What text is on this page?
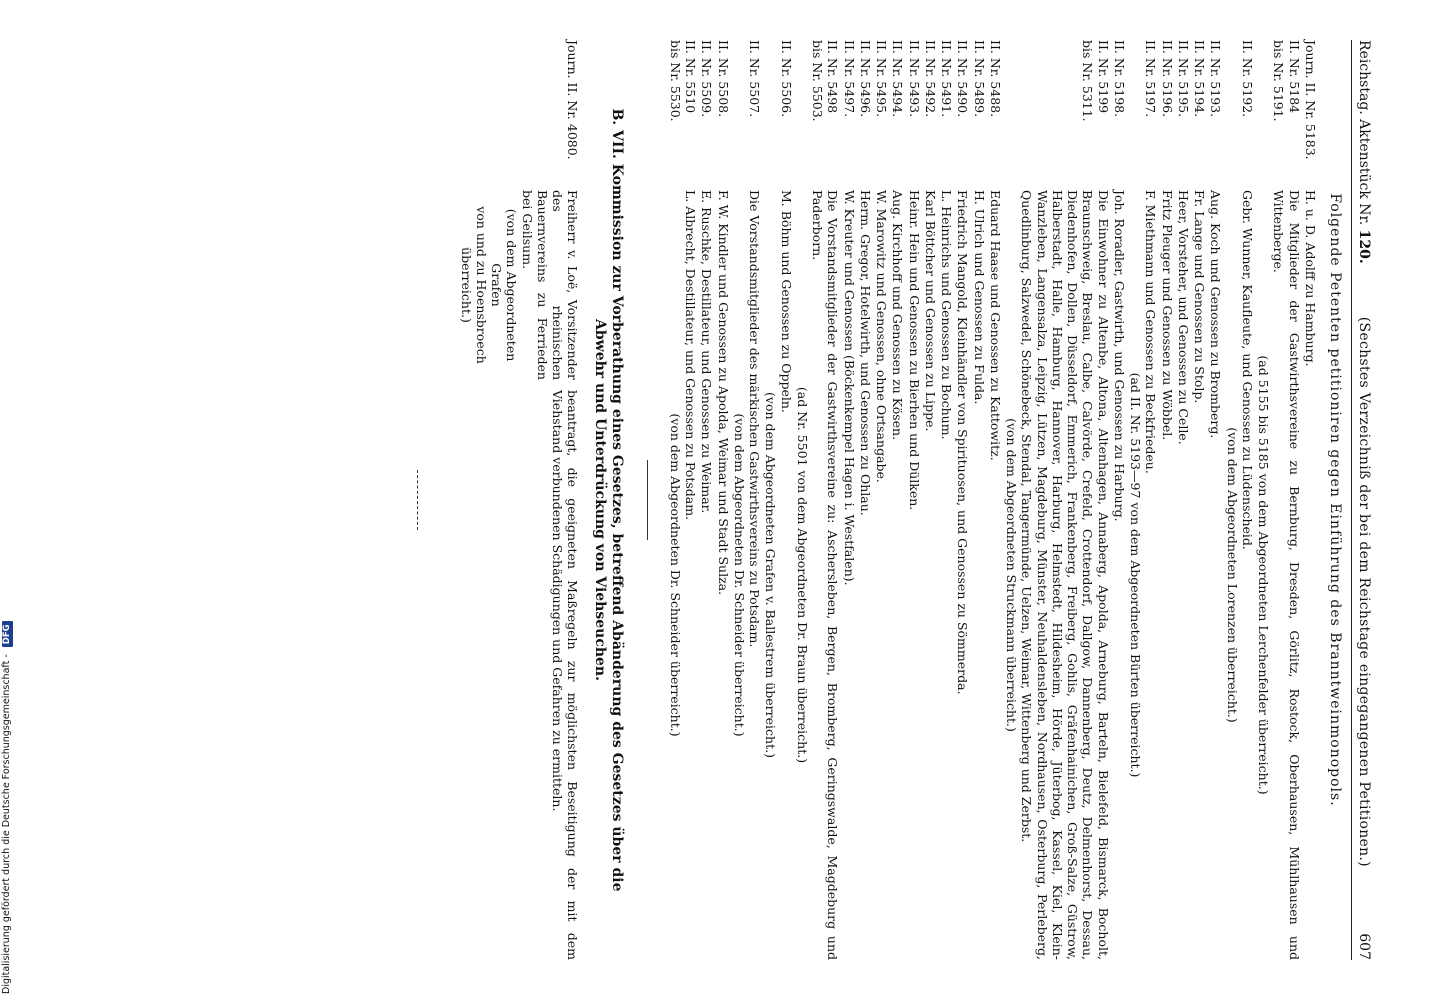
Digitalisierung gefördert durch die Deutsche Forschungsgemeinschaft - DFG
Reichstag. Aktenstück Nr. 120.
(Sechstes Verzeichniß der bei dem Reichstage eingegangenen Petitionen.)
607
Folgende Petenten petitioniren gegen Einführung des Branntweinmonopols.
Journ. II. Nr. 5183.
H. u. D. Adolff zu Hamburg.
II. Nr. 5184
bis Nr. 5191.
Die Mitglieder der Gastwirthsvereine zu Bernburg, Dresden, Görlitz, Rostock, Oberhausen, Mühlhausen und Wittenberge.
(ad 5155 bis 5185 von dem Abgeordneten Lerchenfelder überreicht.)
II. Nr. 5192.
Gebr. Wunner, Kaufleute, und Genossen zu Lüdenscheid.
(von dem Abgeordneten Lorenzen überreicht.)
II. Nr. 5193.
Aug. Koch und Genossen zu Bromberg.
II. Nr. 5194.
Fr. Lange und Genossen zu Stolp.
II. Nr. 5195.
Heer, Vorsteher, und Genossen zu Celle.
II. Nr. 5196.
Fritz Pleuger und Genossen zu Wöbbel.
II. Nr. 5197.
F. Miethmann und Genossen zu Beckfriedeu.
(ad II. Nr. 5193—97 von dem Abgeordneten Bürten überreicht.)
II. Nr. 5198.
Joh. Roradler, Gastwirth, und Genossen zu Harburg.
II. Nr. 5199
bis Nr. 5311.
Die Einwohner zu Altenbe, Altona, Altenhagen, Annaberg, Apolda, Arneburg, Barteln, Bielefeld, Bismarck, Bocholt, Braunschweig, Breslau, Calbe, Calvörde, Crefeld, Crottendorf, Dallgow, Dannenberg, Deutz, Delmenhorst, Dessau, Diedenhofen, Dollen, Düsseldorf, Emmerich, Frankenberg, Freiberg, Gohlis, Gräfenhainichen, Groß-Salze, Güstrow, Halberstadt, Halle, Hamburg, Hannover, Harburg, Helmstedt, Hildesheim, Hörde, Jüterbog, Kassel, Kiel, Klein-Wanzleben, Langensalza, Leipzig, Lützen, Magdeburg, Münster, Neuhaldensleben, Nordhausen, Osterburg, Perleberg, Quedlinburg, Salzwedel, Schönebeck, Stendal, Tangermünde, Uelzen, Weimar, Wittenberg und Zerbst.
(von dem Abgeordneten Struckmann überreicht.)
II. Nr. 5488.
Eduard Haase und Genossen zu Kattowitz.
II. Nr. 5489.
H. Ulrich und Genossen zu Fulda.
II. Nr. 5490.
Friedrich Mangold, Kleinhändler von Spirituosen, und Genossen zu Sömmerda.
II. Nr. 5491.
L. Heinrichs und Genossen zu Bochum.
II. Nr. 5492.
Karl Böttcher und Genossen zu Lippe.
II. Nr. 5493.
Heinr. Hein und Genossen zu Bierhen und Dülken.
II. Nr. 5494.
Aug. Kirchhoff und Genossen zu Kösen.
II. Nr. 5495.
W. Marowitz und Genossen, ohne Ortsangabe.
II. Nr. 5496.
Herm. Gregor, Hotelwirth, und Genossen zu Ohlau.
II. Nr. 5497.
W. Kreuter und Genossen (Böckenkempel Hagen i. Westfalen).
II. Nr. 5498
bis Nr. 5503.
Die Vorstandsmitglieder der Gastwirthsvereine zu: Aschersleben, Bergen, Bromberg, Geringswalde, Magdeburg und Paderborn.
(ad Nr. 5501 von dem Abgeordneten Dr. Braun überreicht.)
II. Nr. 5506.
M. Böhm und Genossen zu Oppeln.
(von dem Abgeordneten Grafen v. Ballestrem überreicht.)
II. Nr. 5507.
Die Vorstandsmitglieder des märkischen Gastwirthsvereins zu Potsdam.
(von dem Abgeordneten Dr. Schneider überreicht.)
II. Nr. 5508.
F. W. Kindler und Genossen zu Apolda, Weimar und Stadt Sulza.
II. Nr. 5509.
E. Ruschke, Destillateur, und Genossen zu Weimar.
II. Nr. 5510
bis Nr. 5530.
L. Albrecht, Destillateur, und Genossen zu Potsdam.
(von dem Abgeordneten Dr. Schneider überreicht.)
B. VII. Kommission zur Vorberathung eines Gesetzes, betreffend Abänderung des Gesetzes über die
Abwehr und Unterdrückung von Viehseuchen.
Journ. II. Nr. 4080.
Freiherr v. Loë, Vorsitzender des rheinischen Bauernvereins zu Ferrieden bei Geilsum.
(von dem Abgeordneten Grafen
von und zu Hoensbroech
überreicht.)
beantragt, die geeigneten Maßregeln zur möglichsten Beseitigung der mit dem Viehstand verbundenen Schädigungen und Gefahren zu ermitteln.
